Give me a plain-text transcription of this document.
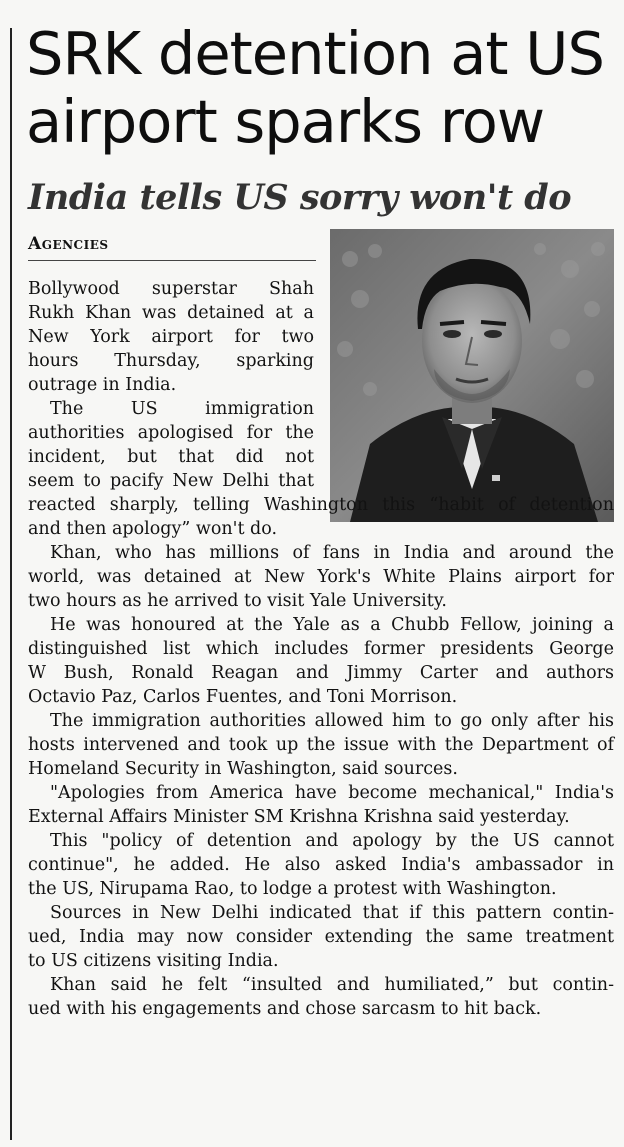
SRK detention at US
airport sparks row
India tells US sorry won't do
Agencies
Bollywood superstar Shah
Rukh Khan was detained at a
New York airport for two
hours Thursday, sparking
outrage in India.
The US immigration
authorities apologised for the
incident, but that did not
seem to pacify New Delhi that
reacted sharply, telling Washington this “habit of detention
and then apology” won't do.
Khan, who has millions of fans in India and around the
world, was detained at New York's White Plains airport for
two hours as he arrived to visit Yale University.
He was honoured at the Yale as a Chubb Fellow, joining a
distinguished list which includes former presidents George
W Bush, Ronald Reagan and Jimmy Carter and authors
Octavio Paz, Carlos Fuentes, and Toni Morrison.
The immigration authorities allowed him to go only after his
hosts intervened and took up the issue with the Department of
Homeland Security in Washington, said sources.
"Apologies from America have become mechanical," India's
External Affairs Minister SM Krishna Krishna said yesterday.
This "policy of detention and apology by the US cannot
continue", he added. He also asked India's ambassador in
the US, Nirupama Rao, to lodge a protest with Washington.
Sources in New Delhi indicated that if this pattern contin-
ued, India may now consider extending the same treatment
to US citizens visiting India.
Khan said he felt “insulted and humiliated,” but contin-
ued with his engagements and chose sarcasm to hit back.
